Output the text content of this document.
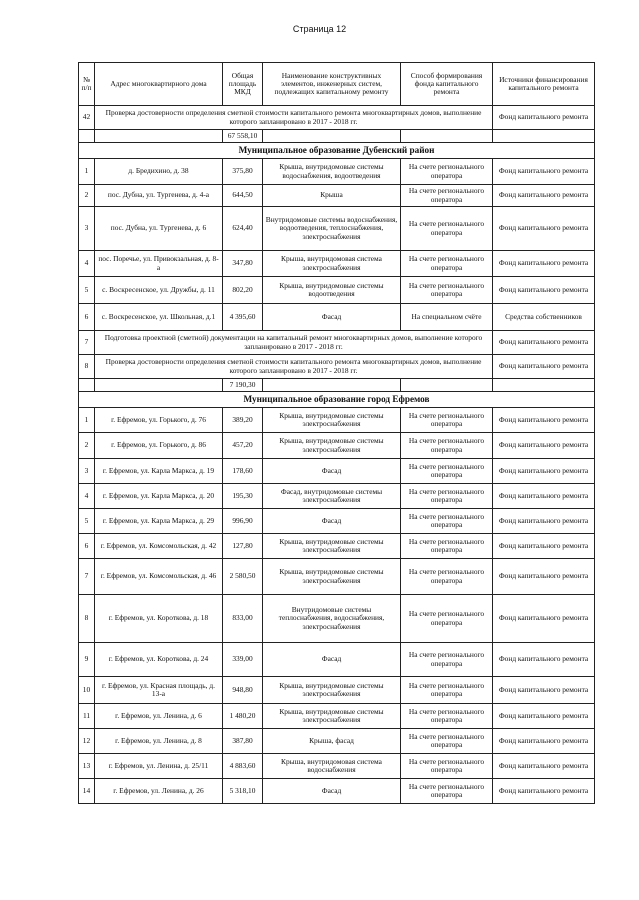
Страница 12
№ п/п	Адрес многоквартирного дома	Общая площадь МКД	Наименование конструктивных элементов, инженерных систем, подлежащих капитальному ремонту	Способ формирования фонда капитального ремонта	Источники финансирования капитального ремонта
42	Проверка достоверности определения сметной стоимости капитального ремонта многоквартирных домов, выполнение которого запланировано в 2017 - 2018 гг.				Фонд капитального ремонта
		67 558,10			
Муниципальное образование Дубенский район					
1	д. Бредихино, д. 38	375,80	Крыша, внутридомовые системы водоснабжения, водоотведения	На счете регионального оператора	Фонд капитального ремонта
2	пос. Дубна, ул. Тургенева, д. 4-а	644,50	Крыша	На счете регионального оператора	Фонд капитального ремонта
3	пос. Дубна, ул. Тургенева, д. 6	624,40	Внутридомовые системы водоснабжения, водоотведения, теплоснабжения, электроснабжения	На счете регионального оператора	Фонд капитального ремонта
4	пос. Поречье, ул. Привокзальная, д. 8-а	347,80	Крыша, внутридомовая система электроснабжения	На счете регионального оператора	Фонд капитального ремонта
5	с. Воскресенское, ул. Дружбы, д. 11	802,20	Крыша, внутридомовые системы водоотведения	На счете регионального оператора	Фонд капитального ремонта
6	с. Воскресенское, ул. Школьная, д.1	4 395,60	Фасад	На специальном счёте	Средства собственников
7	Подготовка проектной (сметной) документации на капитальный ремонт многоквартирных домов, выполнение которого запланировано в 2017 - 2018 гг.				Фонд капитального ремонта
8	Проверка достоверности определения сметной стоимости капитального ремонта многоквартирных домов, выполнение которого запланировано в 2017 - 2018 гг.				Фонд капитального ремонта
		7 190,30			
Муниципальное образование город Ефремов					
1	г. Ефремов, ул. Горького, д. 76	389,20	Крыша, внутридомовые системы электроснабжения	На счете регионального оператора	Фонд капитального ремонта
2	г. Ефремов, ул. Горького, д. 86	457,20	Крыша, внутридомовые системы электроснабжения	На счете регионального оператора	Фонд капитального ремонта
3	г. Ефремов, ул. Карла Маркса, д. 19	178,60	Фасад	На счете регионального оператора	Фонд капитального ремонта
4	г. Ефремов, ул. Карла Маркса, д. 20	195,30	Фасад, внутридомовые системы электроснабжения	На счете регионального оператора	Фонд капитального ремонта
5	г. Ефремов, ул. Карла Маркса, д. 29	996,90	Фасад	На счете регионального оператора	Фонд капитального ремонта
6	г. Ефремов, ул. Комсомольская, д. 42	127,80	Крыша, внутридомовые системы электроснабжения	На счете регионального оператора	Фонд капитального ремонта
7	г. Ефремов, ул. Комсомольская, д. 46	2 580,50	Крыша, внутридомовые системы электроснабжения	На счете регионального оператора	Фонд капитального ремонта
8	г. Ефремов, ул. Короткова, д. 18	833,00	Внутридомовые системы теплоснабжения, водоснабжения, электроснабжения	На счете регионального оператора	Фонд капитального ремонта
9	г. Ефремов, ул. Короткова, д. 24	339,00	Фасад	На счете регионального оператора	Фонд капитального ремонта
10	г. Ефремов, ул. Красная площадь, д. 13-а	948,80	Крыша, внутридомовые системы электроснабжения	На счете регионального оператора	Фонд капитального ремонта
11	г. Ефремов, ул. Ленина, д. 6	1 480,20	Крыша, внутридомовые системы электроснабжения	На счете регионального оператора	Фонд капитального ремонта
12	г. Ефремов, ул. Ленина, д. 8	387,80	Крыша, фасад	На счете регионального оператора	Фонд капитального ремонта
13	г. Ефремов, ул. Ленина, д. 25/11	4 883,60	Крыша, внутридомовая система водоснабжения	На счете регионального оператора	Фонд капитального ремонта
14	г. Ефремов, ул. Ленина, д. 26	5 318,10	Фасад	На счете регионального оператора	Фонд капитального ремонта
